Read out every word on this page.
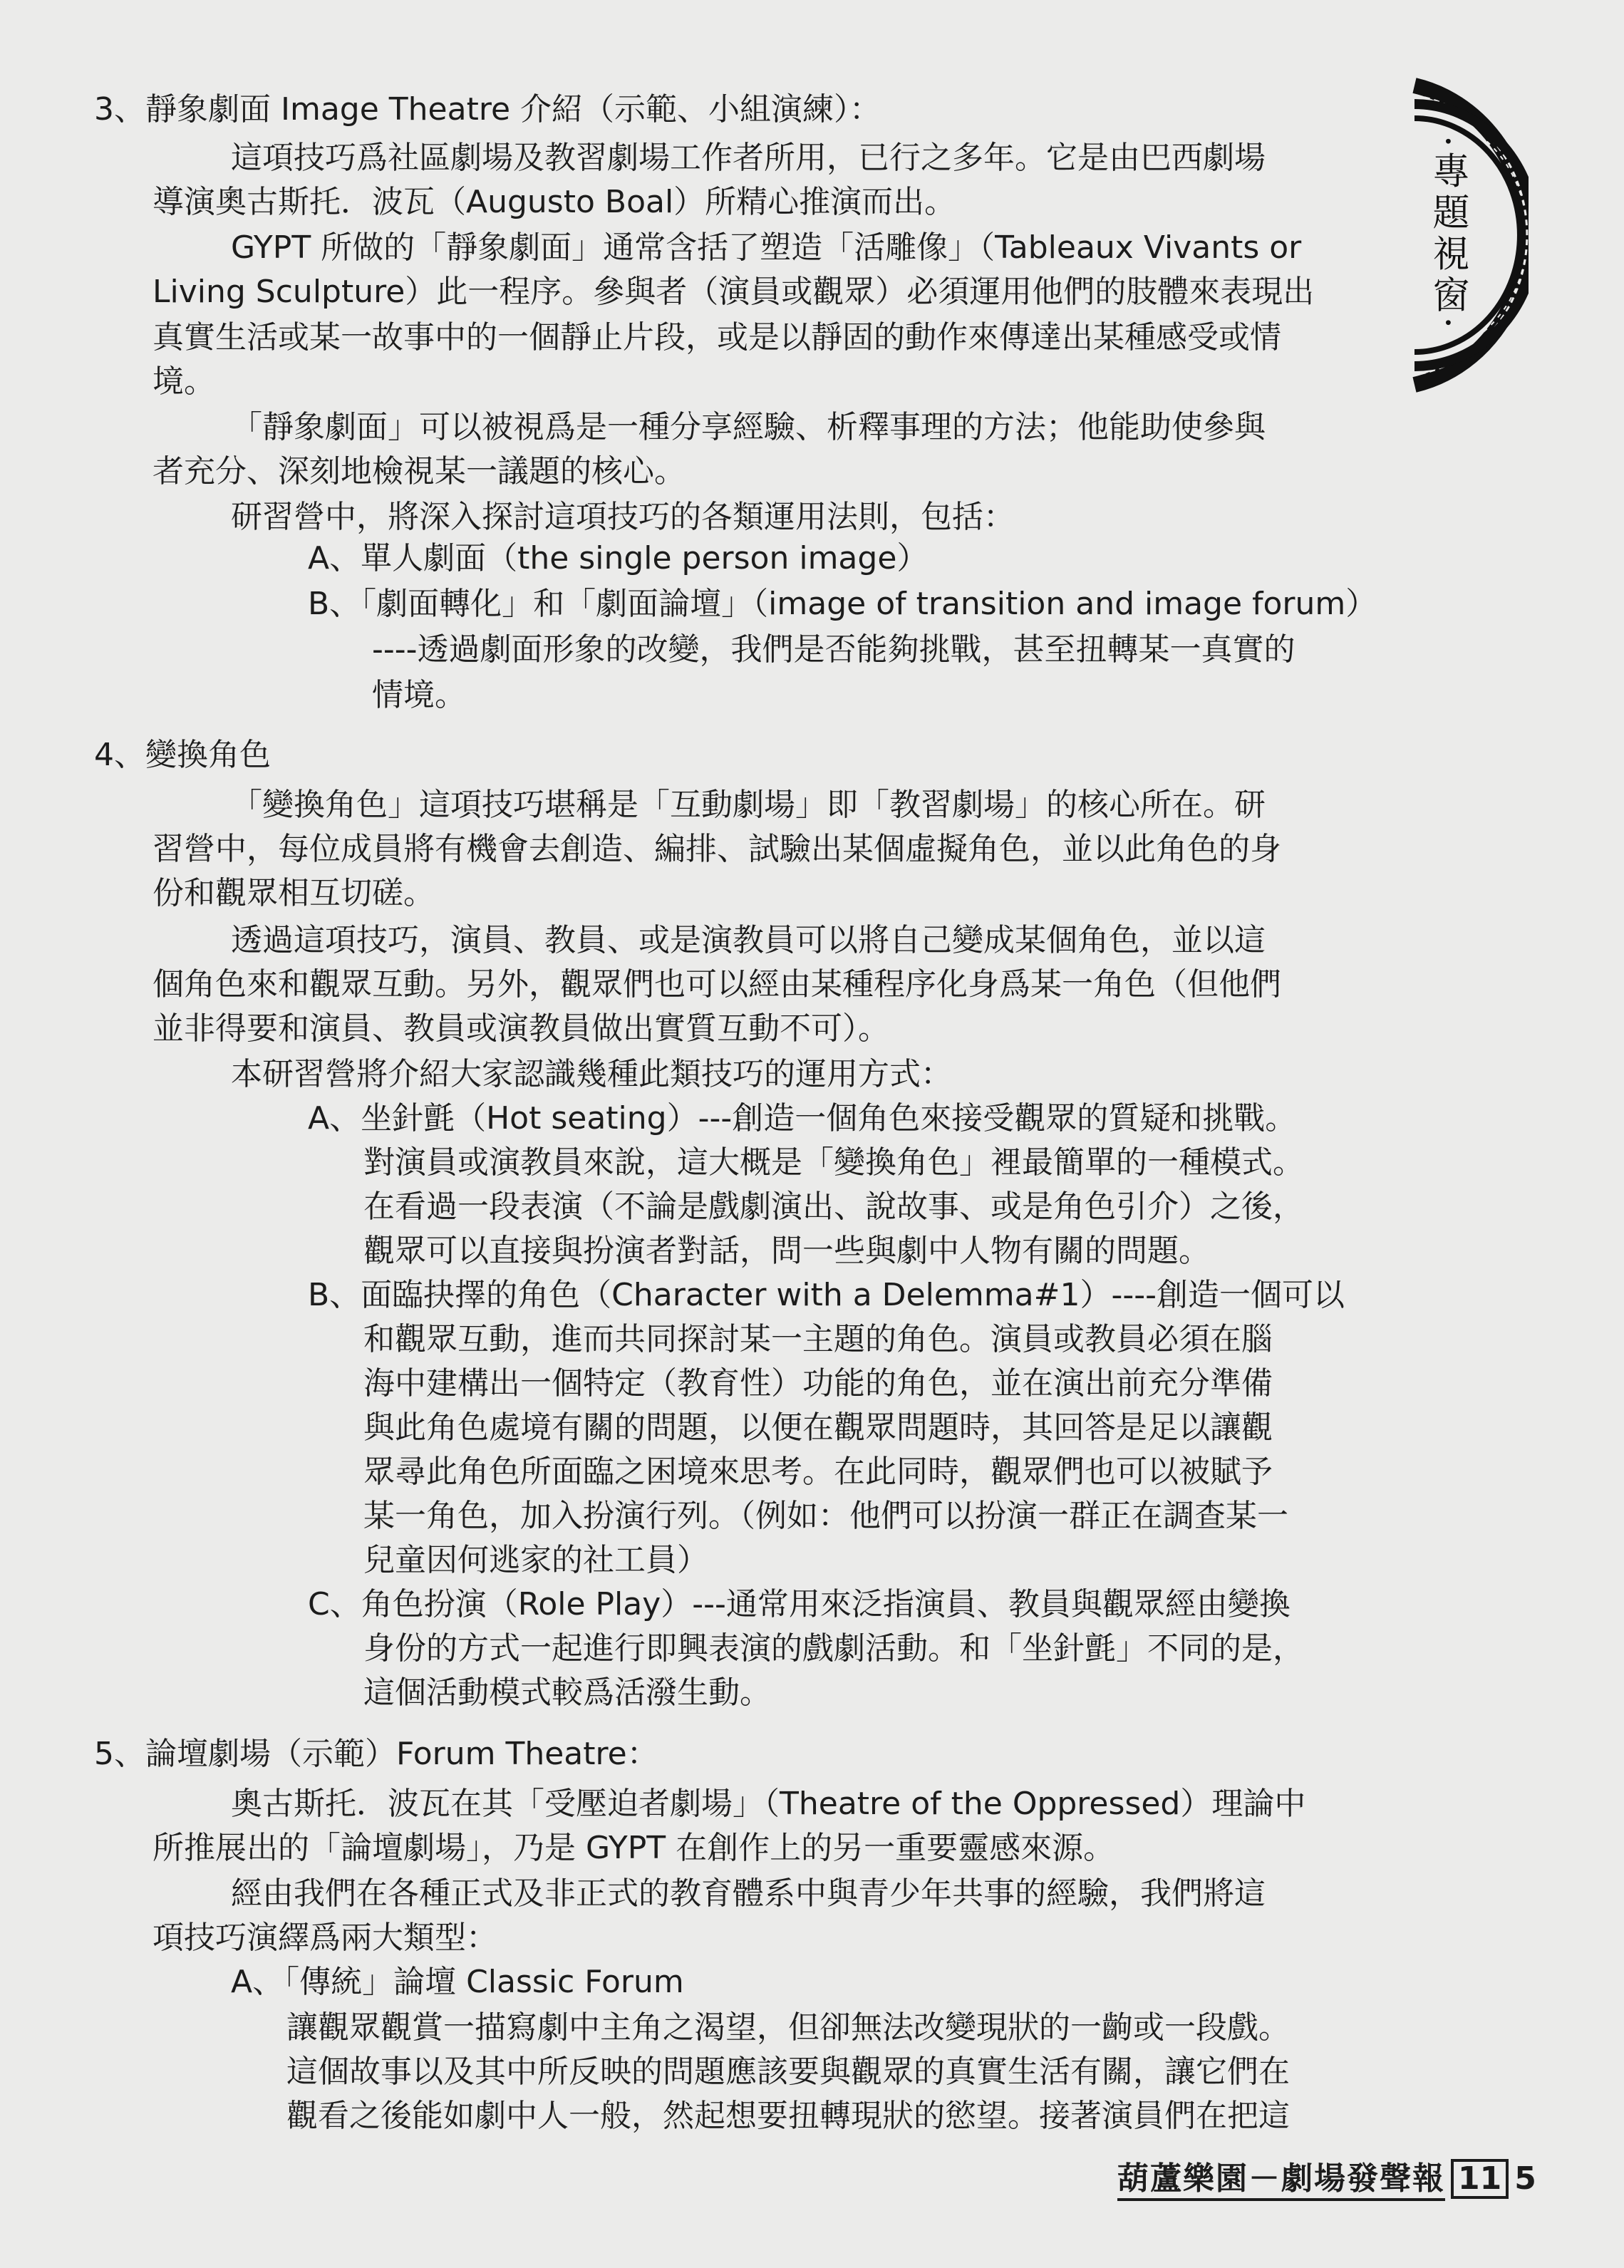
·專題視窗·
3、靜象劇面 Image Theatre 介紹（示範、小組演練）：
這項技巧爲社區劇場及教習劇場工作者所用，已行之多年。它是由巴西劇場
導演奧古斯托．波瓦（Augusto Boal）所精心推演而出。
GYPT 所做的「靜象劇面」通常含括了塑造「活雕像」（Tableaux Vivants or
Living Sculpture）此一程序。參與者（演員或觀眾）必須運用他們的肢體來表現出
真實生活或某一故事中的一個靜止片段，或是以靜固的動作來傳達出某種感受或情
境。
「靜象劇面」可以被視爲是一種分享經驗、析釋事理的方法；他能助使參與
者充分、深刻地檢視某一議題的核心。
研習營中，將深入探討這項技巧的各類運用法則，包括：
A、單人劇面（the single person image）
B、「劇面轉化」和「劇面論壇」（image of transition and image forum）
----透過劇面形象的改變，我們是否能夠挑戰，甚至扭轉某一真實的
情境。
4、變換角色
「變換角色」這項技巧堪稱是「互動劇場」即「教習劇場」的核心所在。研
習營中，每位成員將有機會去創造、編排、試驗出某個虛擬角色，並以此角色的身
份和觀眾相互切磋。
透過這項技巧，演員、教員、或是演教員可以將自己變成某個角色，並以這
個角色來和觀眾互動。另外，觀眾們也可以經由某種程序化身爲某一角色（但他們
並非得要和演員、教員或演教員做出實質互動不可）。
本研習營將介紹大家認識幾種此類技巧的運用方式：
A、坐針氈（Hot seating）---創造一個角色來接受觀眾的質疑和挑戰。
對演員或演教員來說，這大概是「變換角色」裡最簡單的一種模式。
在看過一段表演（不論是戲劇演出、說故事、或是角色引介）之後，
觀眾可以直接與扮演者對話，問一些與劇中人物有關的問題。
B、面臨抉擇的角色（Character with a Delemma#1）----創造一個可以
和觀眾互動，進而共同探討某一主題的角色。演員或教員必須在腦
海中建構出一個特定（教育性）功能的角色，並在演出前充分準備
與此角色處境有關的問題，以便在觀眾問題時，其回答是足以讓觀
眾尋此角色所面臨之困境來思考。在此同時，觀眾們也可以被賦予
某一角色，加入扮演行列。（例如：他們可以扮演一群正在調查某一
兒童因何逃家的社工員）
C、角色扮演（Role Play）---通常用來泛指演員、教員與觀眾經由變換
身份的方式一起進行即興表演的戲劇活動。和「坐針氈」不同的是，
這個活動模式較爲活潑生動。
5、論壇劇場（示範）Forum Theatre：
奧古斯托．波瓦在其「受壓迫者劇場」（Theatre of the Oppressed）理論中
所推展出的「論壇劇場」，乃是 GYPT 在創作上的另一重要靈感來源。
經由我們在各種正式及非正式的教育體系中與青少年共事的經驗，我們將這
項技巧演繹爲兩大類型：
A、「傳統」論壇 Classic Forum
讓觀眾觀賞一描寫劇中主角之渴望，但卻無法改變現狀的一齣或一段戲。
這個故事以及其中所反映的問題應該要與觀眾的真實生活有關，讓它們在
觀看之後能如劇中人一般，然起想要扭轉現狀的慾望。接著演員們在把這
葫蘆樂園－劇場發聲報 11 5
